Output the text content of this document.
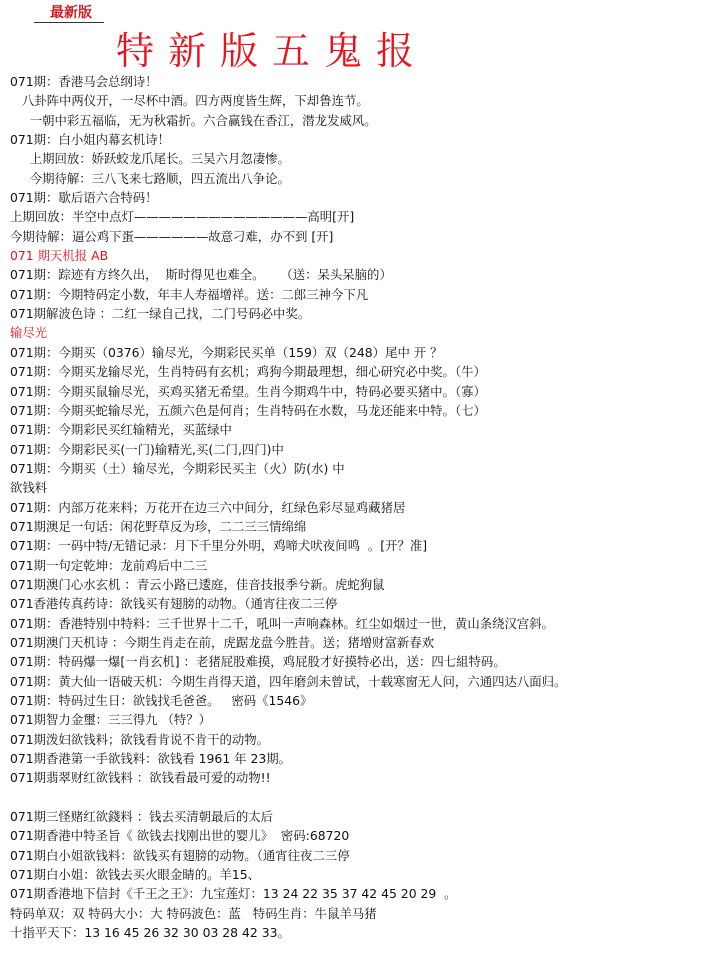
最新版
特新版五鬼报
071期：香港马会总纲诗！
八卦阵中两仪开，一尽杯中酒。四方两度皆生辉，下却鲁连节。
一朝中彩五福临，无为秋霜折。六合赢钱在香江，潜龙发威风。
071期：白小姐内幕玄机诗！
上期回放：娇跃蛟龙爪尾长。三吴六月忽凄惨。
今期待解：三八飞来七路顺，四五流出八争论。
071期：歇后语六合特码！
上期回放：半空中点灯——————————————高明[开]
今期待解：逼公鸡下蛋——————故意刁难，办不到 [开]
071 期天机报 AB
071期：踪迹有方终久出，  斯时得见也难全。    （送：呆头呆脑的）
071期：今期特码定小数，年丰人寿福增祥。送：二郎三神今下凡
071期解波色诗 ：二红一绿自己找，二门号码必中奖。
输尽光
071期：今期买（0376）输尽光，今期彩民买单（159）双（248）尾中 开 ？
071期：今期买龙输尽光，生肖特码有玄机；鸡狗今期最理想，细心研究必中奖。（牛）
071期：今期买鼠输尽光，买鸡买猪无希望。生肖今期鸡牛中，特码必要买猪中。（寡）
071期：今期买蛇输尽光，五颜六色是何肖；生肖特码在水数，马龙还能来中特。（七）
071期：今期彩民买红输精光，买蓝绿中
071期：今期彩民买(一门)输精光,买(二门,四门)中
071期：今期买（土）输尽光，今期彩民买主（火）防(水) 中
欲钱料
071期：内部万花来料；万花开在边三六中间分，红绿色彩尽显鸡藏猪居
071期澳足一句话：闲花野草反为珍，二二三三情绵绵
071期：一码中特/无错记录：月下千里分外明，鸡啼犬吠夜间鸣  。[开？准]
071期一句定乾坤：龙前鸡后中二三
071期澳门心水玄机 ：青云小路已逶庭，佳音技报季兮新。虎蛇狗鼠
071香港传真药诗：欲钱买有翅膀的动物。（通宵往夜二三停
071期：香港特别中特料：三千世界十二千，吼叫一声响森林。红尘如烟过一世，黄山条绕汉宫斜。
071期澳门天机诗 ：今期生肖走在前，虎踞龙盘今胜昔。送；猪增财富新春欢
071期：特码爆一爆[一肖玄机] ：老猪屁股难摸，鸡屁股才好摸特必出，送：四七組特码。
071期：黄大仙一语破天机：今期生肖得天道，四年磨剑未曾试，十载寒窗无人问，六通四达八面归。
071期：特码过生日：欲钱找毛爸爸。   密码《1546》
071期智力金璽：三三得九 （特？）
071期泼妇欲钱料；欲钱看肯说不肯干的动物。
071期香港第一手欲钱料：欲钱看 1961 年 23期。
071期翡翠财红欲钱料 ：欲钱看最可爱的动物!!

071期三怪赌红欲錢料 ：钱去买清朝最后的太后
071期香港中特圣旨《 欲钱去找刚出世的婴儿》  密码:68720
071期白小姐欲钱料：欲钱买有翅膀的动物。（通宵往夜二三停
071期白小姐：欲钱去买火眼金睛的。羊15、
071期香港地下信封《千王之王》：九宝莲灯：13 24 22 35 37 42 45 20 29  。
特码单双：双 特码大小：大 特码波色：蓝   特码生肖：牛鼠羊马猪
十指平天下：13 16 45 26 32 30 03 28 42 33。
